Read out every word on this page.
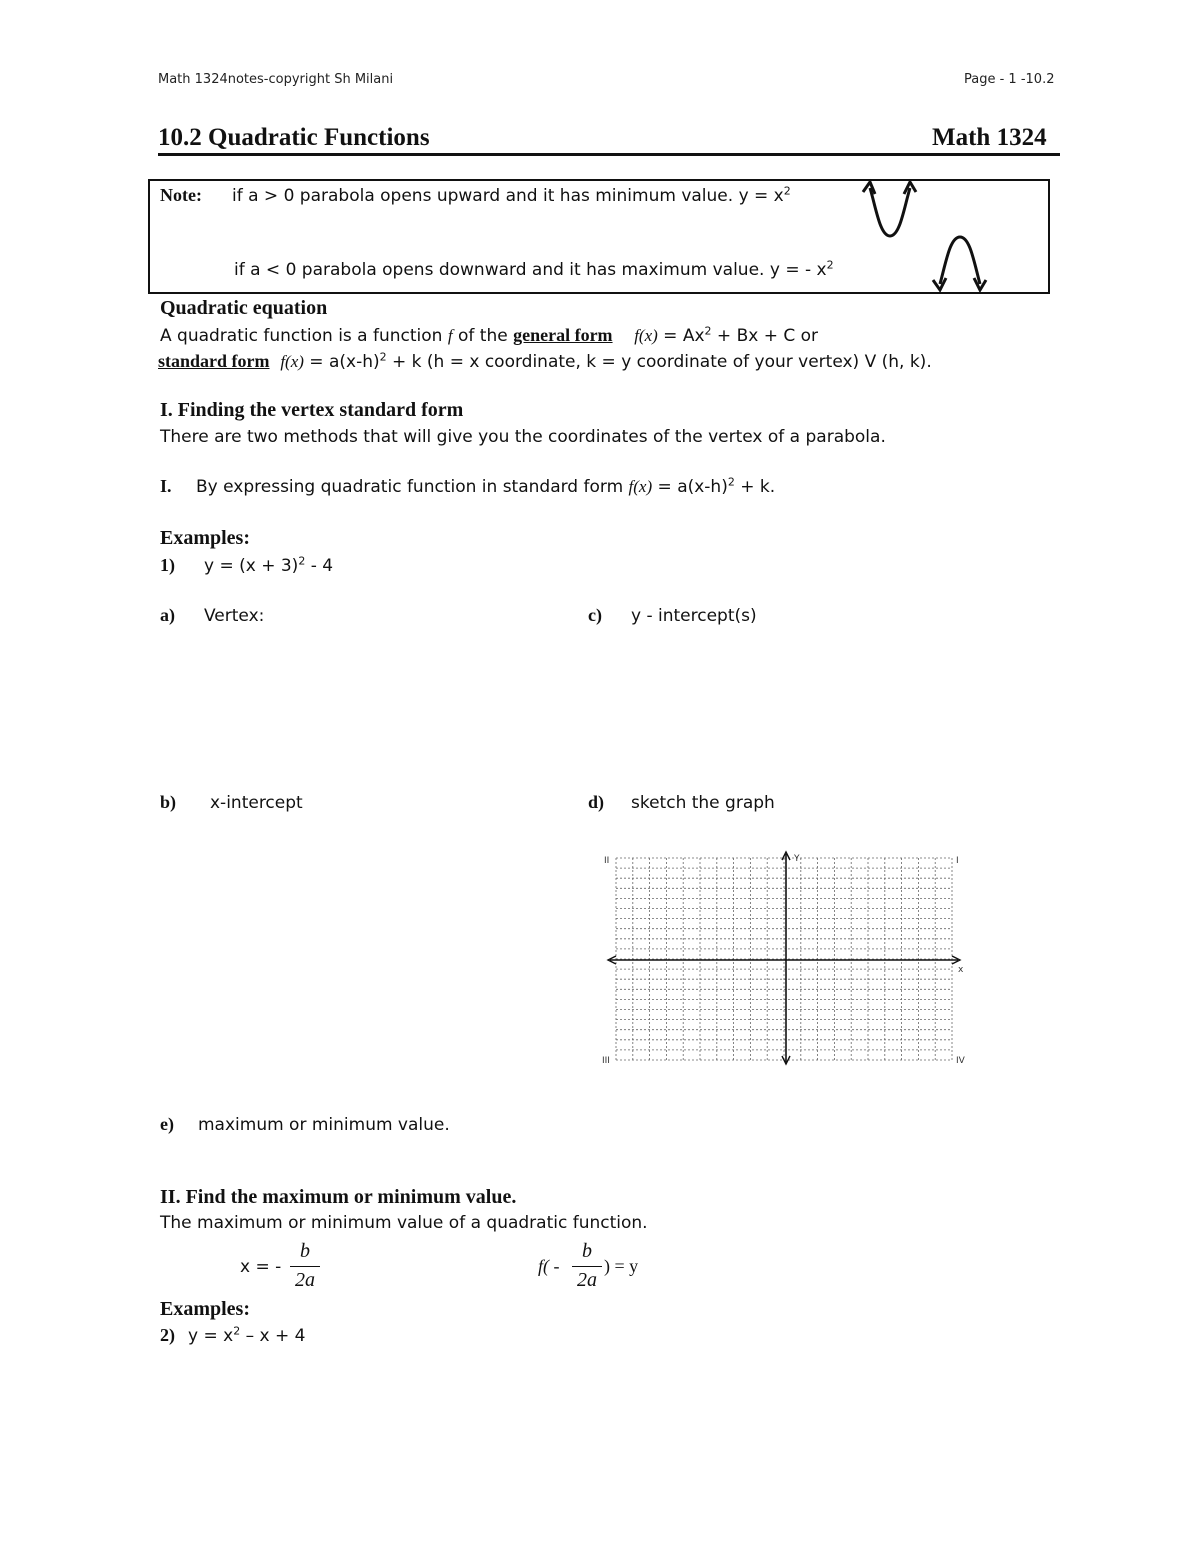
Math 1324notes-copyright Sh Milani	Page - 1 -10.2
10.2 Quadratic Functions	Math 1324
Note: if a > 0 parabola opens upward and it has minimum value. $y = x^2$
if a < 0 parabola opens downward and it has maximum value. y = - $x^2$
Quadratic equation
A quadratic function is a function f of the general form $f(x) = Ax^2 + Bx + C$ or
standard form $f(x) = a(x-h)^2 + k$ (h = x coordinate, k = y coordinate of your vertex) V (h, k).
I. Finding the vertex standard form
There are two methods that will give you the coordinates of the vertex of a parabola.
I. By expressing quadratic function in standard form $f(x) = a(x-h)^2 + k$.
Examples:
1) $y = (x + 3)^2 - 4$
a) Vertex:	c) y - intercept(s)
b) x-intercept	d) sketch the graph
Y
x
I
II
III	IV
e) maximum or minimum value.
II. Find the maximum or minimum value.
The maximum or minimum value of a quadratic function.
x = -
b
2a
f( -
b
2a
) = y
Examples:
2) $y = x^2 - x + 4$
